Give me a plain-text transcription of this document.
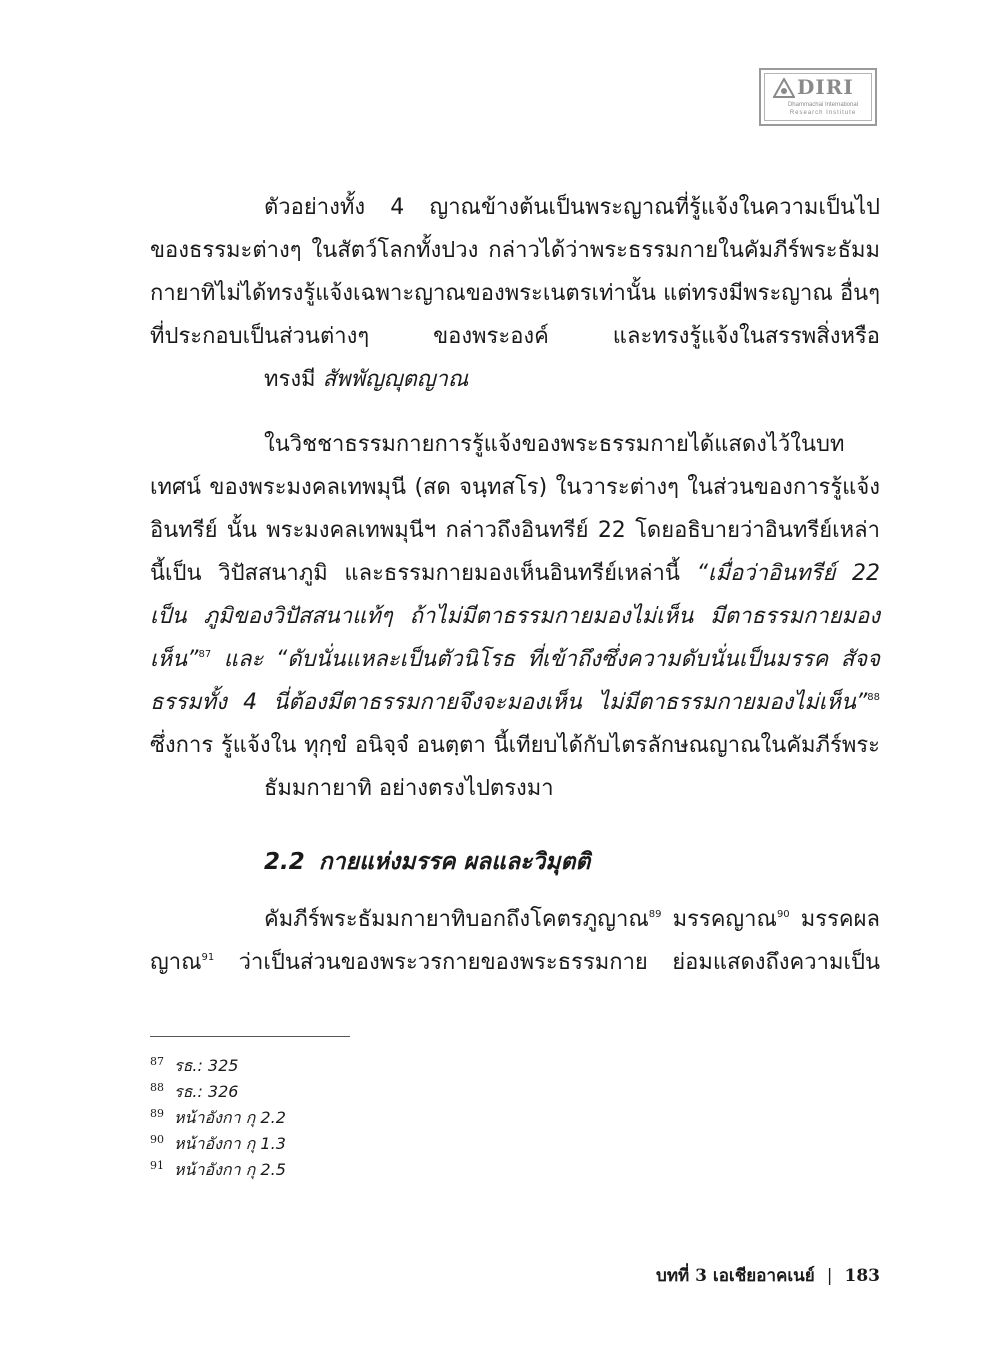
DIRI
Dhammachai International
Research Institute

ตัวอย่างทั้ง 4 ญาณข้างต้นเป็นพระญาณที่รู้แจ้งในความเป็นไป ของธรรมะต่างๆ ในสัตว์โลกทั้งปวง กล่าวได้ว่าพระธรรมกายในคัมภีร์พระธัมม กายาทิไม่ได้ทรงรู้แจ้งเฉพาะญาณของพระเนตรเท่านั้น แต่ทรงมีพระญาณ อื่นๆ ที่ประกอบเป็นส่วนต่างๆ ของพระองค์ และทรงรู้แจ้งในสรรพสิ่งหรือ
ทรงมี สัพพัญญุตญาณ

ในวิชชาธรรมกายการรู้แจ้งของพระธรรมกายได้แสดงไว้ในบทเทศน์ ของพระมงคลเทพมุนี (สด จนฺทสโร) ในวาระต่างๆ ในส่วนของการรู้แจ้งอินทรีย์ นั้น พระมงคลเทพมุนีฯ กล่าวถึงอินทรีย์ 22 โดยอธิบายว่าอินทรีย์เหล่านี้เป็น วิปัสสนาภูมิ และธรรมกายมองเห็นอินทรีย์เหล่านี้ “เมื่อว่าอินทรีย์ 22 เป็น ภูมิของวิปัสสนาแท้ๆ ถ้าไม่มีตาธรรมกายมองไม่เห็น มีตาธรรมกายมองเห็น”$^{87}$ และ “ดับนั่นแหละเป็นตัวนิโรธ ที่เข้าถึงซึ่งความดับนั่นเป็นมรรค สัจจธรรมทั้ง 4 นี่ต้องมีตาธรรมกายจึงจะมองเห็น ไม่มีตาธรรมกายมองไม่เห็น”$^{88}$ ซึ่งการ รู้แจ้งใน ทุกฺขํ อนิจฺจํ อนตฺตา นี้เทียบได้กับไตรลักษณญาณในคัมภีร์พระ
ธัมมกายาทิ อย่างตรงไปตรงมา

2.2 กายแห่งมรรค ผลและวิมุตติ

คัมภีร์พระธัมมกายาทิบอกถึงโคตรภูญาณ$^{89}$ มรรคญาณ$^{90}$ มรรคผล ญาณ$^{91}$ ว่าเป็นส่วนของพระวรกายของพระธรรมกาย ย่อมแสดงถึงความเป็น

87 รธ.: 325
88 รธ.: 326
89 หน้าอังกา กุ 2.2
90 หน้าอังกา กุ 1.3
91 หน้าอังกา กุ 2.5
บทที่ 3 เอเชียอาคเนย์ | 183
